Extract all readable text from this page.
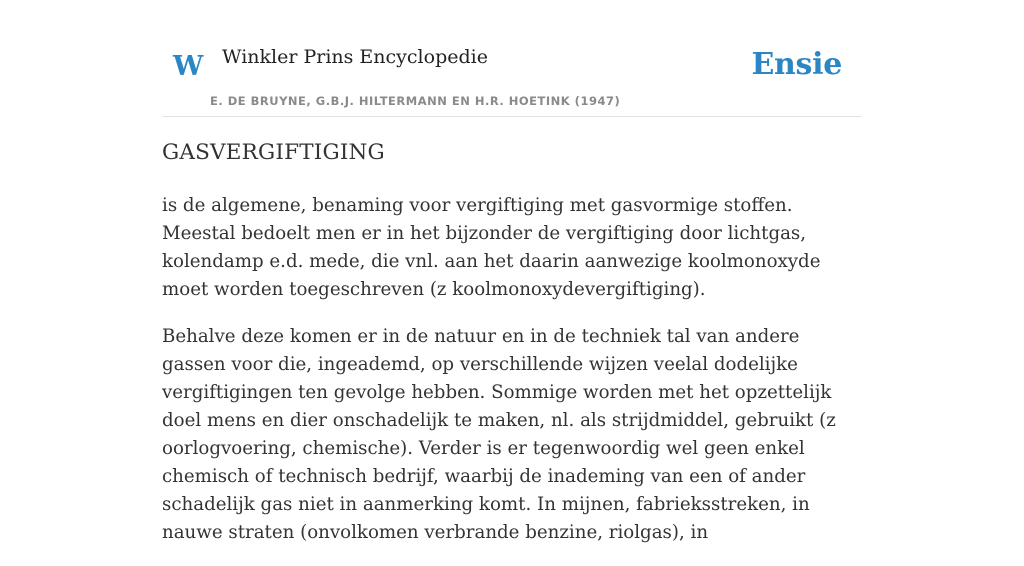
W Winkler Prins Encyclopedie
E. DE BRUYNE, G.B.J. HILTERMANN EN H.R. HOETINK (1947)
Ensie
GASVERGIFTIGING

is de algemene, benaming voor vergiftiging met gasvormige stoffen. Meestal bedoelt men er in het bijzonder de vergiftiging door lichtgas, kolendamp e.d. mede, die vnl. aan het daarin aanwezige koolmonoxyde moet worden toegeschreven (z koolmonoxydevergiftiging).

Behalve deze komen er in de natuur en in de techniek tal van andere gassen voor die, ingeademd, op verschillende wijzen veelal dodelijke vergiftigingen ten gevolge hebben. Sommige worden met het opzettelijk doel mens en dier onschadelijk te maken, nl. als strijdmiddel, gebruikt (z oorlogvoering, chemische). Verder is er tegenwoordig wel geen enkel chemisch of technisch bedrijf, waarbij de inademing van een of ander schadelijk gas niet in aanmerking komt. In mijnen, fabrieksstreken, in nauwe straten (onvolkomen verbrande benzine, riolgas), in
